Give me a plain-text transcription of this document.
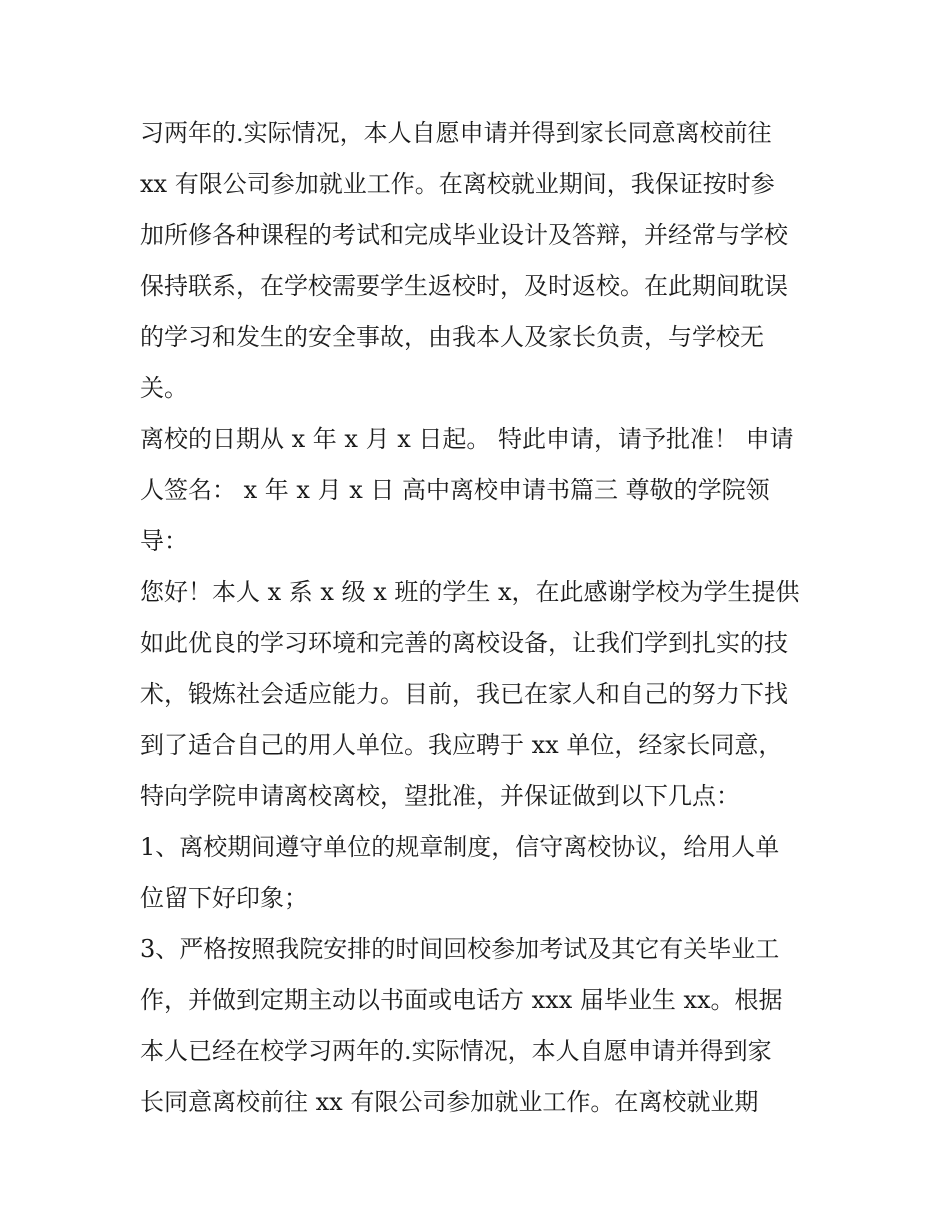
习两年的.实际情况，本人自愿申请并得到家长同意离校前往
xx 有限公司参加就业工作。在离校就业期间，我保证按时参
加所修各种课程的考试和完成毕业设计及答辩，并经常与学校
保持联系，在学校需要学生返校时，及时返校。在此期间耽误
的学习和发生的安全事故，由我本人及家长负责，与学校无
关。
离校的日期从 x 年 x 月 x 日起。 特此申请，请予批准！ 申请
人签名： x 年 x 月 x 日 高中离校申请书篇三 尊敬的学院领
导：
您好！本人 x 系 x 级 x 班的学生 x，在此感谢学校为学生提供
如此优良的学习环境和完善的离校设备，让我们学到扎实的技
术，锻炼社会适应能力。目前，我已在家人和自己的努力下找
到了适合自己的用人单位。我应聘于 xx 单位，经家长同意，
特向学院申请离校离校，望批准，并保证做到以下几点：
1、离校期间遵守单位的规章制度，信守离校协议，给用人单
位留下好印象；
3、严格按照我院安排的时间回校参加考试及其它有关毕业工
作，并做到定期主动以书面或电话方 xxx 届毕业生 xx。根据
本人已经在校学习两年的.实际情况，本人自愿申请并得到家
长同意离校前往 xx 有限公司参加就业工作。在离校就业期
